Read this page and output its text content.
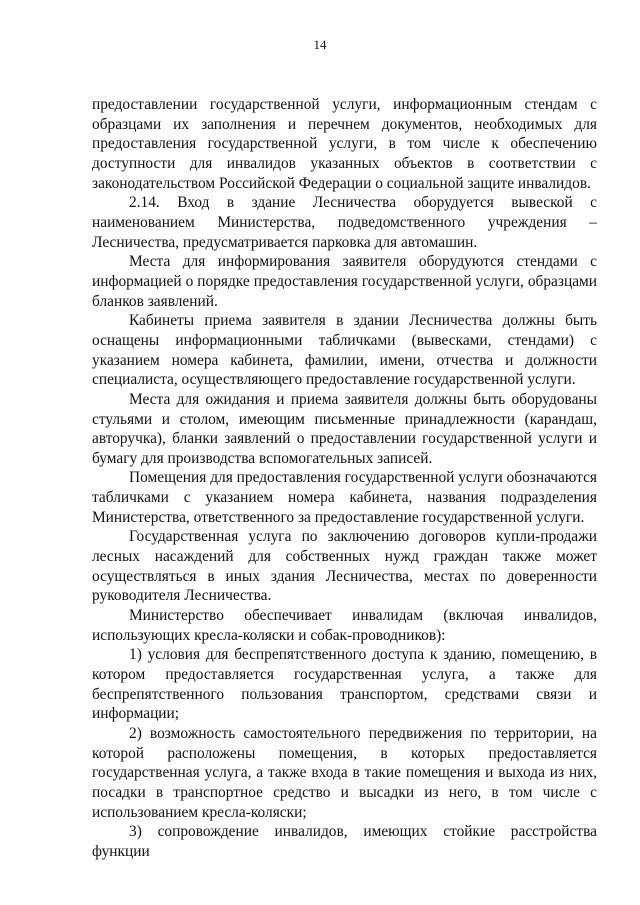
14

предоставлении государственной услуги, информационным стендам с образцами их заполнения и перечнем документов, необходимых для предоставления государственной услуги, в том числе к обеспечению доступности для инвалидов указанных объектов в соответствии с законодательством Российской Федерации о социальной защите инвалидов.

2.14. Вход в здание Лесничества оборудуется вывеской с наименованием Министерства, подведомственного учреждения – Лесничества, предусматривается парковка для автомашин.

Места для информирования заявителя оборудуются стендами с информацией о порядке предоставления государственной услуги, образцами бланков заявлений.

Кабинеты приема заявителя в здании Лесничества должны быть оснащены информационными табличками (вывесками, стендами) с указанием номера кабинета, фамилии, имени, отчества и должности специалиста, осуществляющего предоставление государственной услуги.

Места для ожидания и приема заявителя должны быть оборудованы стульями и столом, имеющим письменные принадлежности (карандаш, авторучка), бланки заявлений о предоставлении государственной услуги и бумагу для производства вспомогательных записей.

Помещения для предоставления государственной услуги обозначаются табличками с указанием номера кабинета, названия подразделения Министерства, ответственного за предоставление государственной услуги.

Государственная услуга по заключению договоров купли-продажи лесных насаждений для собственных нужд граждан также может осуществляться в иных здания Лесничества, местах по доверенности руководителя Лесничества.

Министерство обеспечивает инвалидам (включая инвалидов, использующих кресла-коляски и собак-проводников):

1) условия для беспрепятственного доступа к зданию, помещению, в котором предоставляется государственная услуга, а также для беспрепятственного пользования транспортом, средствами связи и информации;

2) возможность самостоятельного передвижения по территории, на которой расположены помещения, в которых предоставляется государственная услуга, а также входа в такие помещения и выхода из них, посадки в транспортное средство и высадки из него, в том числе с использованием кресла-коляски;

3) сопровождение инвалидов, имеющих стойкие расстройства функции
